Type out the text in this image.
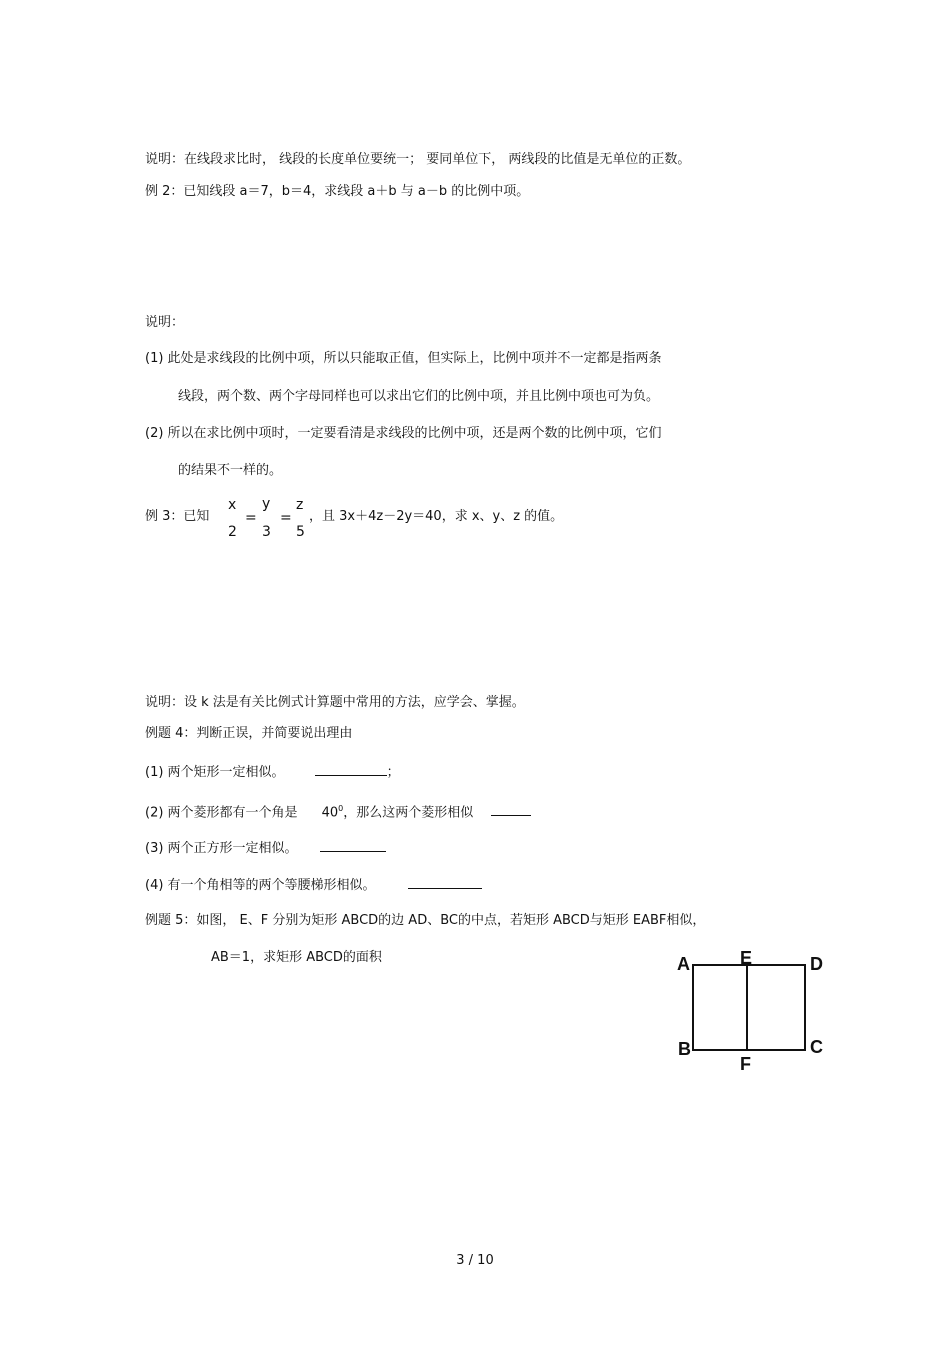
说明：在线段求比时， 线段的长度单位要统一； 要同单位下， 两线段的比值是无单位的正数。
例 2：已知线段 a＝7，b＝4，求线段 a＋b 与 a－b 的比例中项。
说明：
(1) 此处是求线段的比例中项，所以只能取正值，但实际上，比例中项并不一定都是指两条
线段，两个数、两个字母同样也可以求出它们的比例中项，并且比例中项也可为负。
(2) 所以在求比例中项时，一定要看清是求线段的比例中项，还是两个数的比例中项，它们
的结果不一样的。
例 3：已知
x
2
=
y
3
=
z
5
，且 3x＋4z－2y＝40，求 x、y、z 的值。
说明：设 k 法是有关比例式计算题中常用的方法，应学会、掌握。
例题 4：判断正误，并简要说出理由
(1) 两个矩形一定相似。	；
(2) 两个菱形都有一个角是 $40^0$，那么这两个菱形相似
(3) 两个正方形一定相似。
(4) 有一个角相等的两个等腰梯形相似。
例题 5：如图， E、F 分别为矩形 ABCD的边 AD、BC的中点，若矩形 ABCD与矩形 EABF相似，
AB＝1，求矩形 ABCD的面积	A	E	D
B
F
C
3 / 10
